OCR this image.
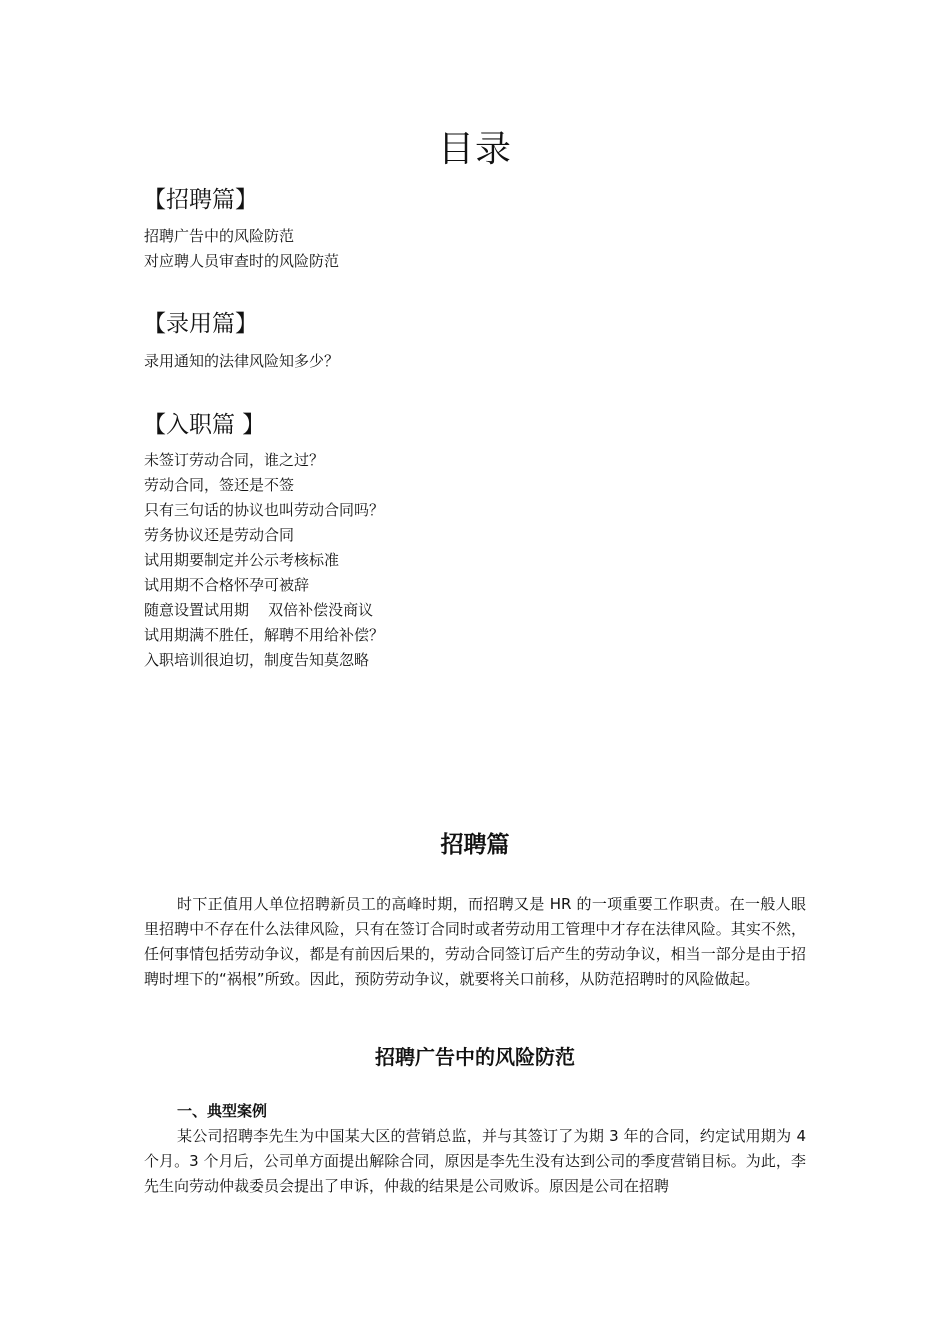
目录
【招聘篇】
招聘广告中的风险防范
对应聘人员审查时的风险防范
【录用篇】
录用通知的法律风险知多少？
【入职篇 】
未签订劳动合同，谁之过？
劳动合同，签还是不签
只有三句话的协议也叫劳动合同吗？
劳务协议还是劳动合同
试用期要制定并公示考核标准
试用期不合格怀孕可被辞
随意设置试用期    双倍补偿没商议
试用期满不胜任，解聘不用给补偿？
入职培训很迫切，制度告知莫忽略
招聘篇

时下正值用人单位招聘新员工的高峰时期，而招聘又是 HR 的一项重要工作职责。在一般人眼里招聘中不存在什么法律风险，只有在签订合同时或者劳动用工管理中才存在法律风险。其实不然，任何事情包括劳动争议，都是有前因后果的，劳动合同签订后产生的劳动争议，相当一部分是由于招聘时埋下的“祸根”所致。因此，预防劳动争议，就要将关口前移，从防范招聘时的风险做起。

招聘广告中的风险防范
一、典型案例

某公司招聘李先生为中国某大区的营销总监，并与其签订了为期 3 年的合同，约定试用期为 4 个月。3 个月后，公司单方面提出解除合同，原因是李先生没有达到公司的季度营销目标。为此，李先生向劳动仲裁委员会提出了申诉，仲裁的结果是公司败诉。原因是公司在招聘
